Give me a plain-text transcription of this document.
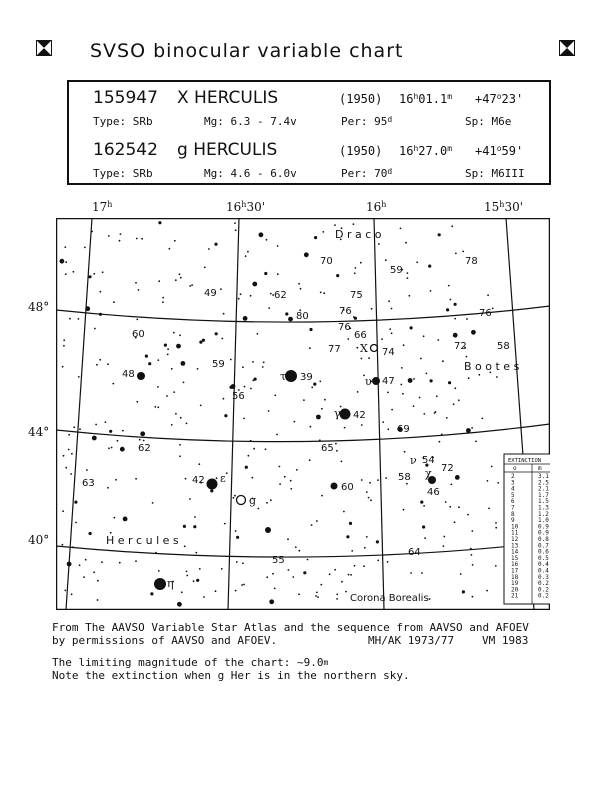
SVSO binocular variable chart
155947 X HERCULIS	(1950) $16^h01.1^m +47^o23'$
Type: SRb	Mg: 6.3 - 7.4v	Per: 95$^d$	Sp: M6e
162542 g HERCULIS	(1950) $16^h27.0^m +41^o59'$
Type: SRb	Mg: 4.6 - 6.0v	Per: 70$^d$	Sp: M6III
17$^h$	16$^h$30'	16$^h$	15$^h$30'
48°
44°
40°
70
59
78
49	62	75
80	76
76
66
74
77	72	58
76
60
48
59
39	47
56
42
69
62	65
54
72
58
46
63	42
60
55
64
τ	υ
γ
ε
g
X
η
ν
χ
D r a c o
B o o t e s
H e r c u l e s
Corona Borealis
EXTINCTION
o	m
2	3.1
3	2.5
4	2.1
5	1.7
6	1.5
7	1.3
8	1.2
9	1.0
10	0.9
11	0.9
12	0.8
13	0.7
14	0.6
15	0.5
16	0.4
17	0.4
18	0.3
19	0.2
20	0.2
21	0.2
From The AAVSO Variable Star Atlas and the sequence from AAVSO and AFOEV
by permissions of AAVSO and AFOEV.	MH/AK 1973/77	VM 1983
The limiting magnitude of the chart: ~9.0$^m$
Note the extinction when g Her is in the northern sky.
